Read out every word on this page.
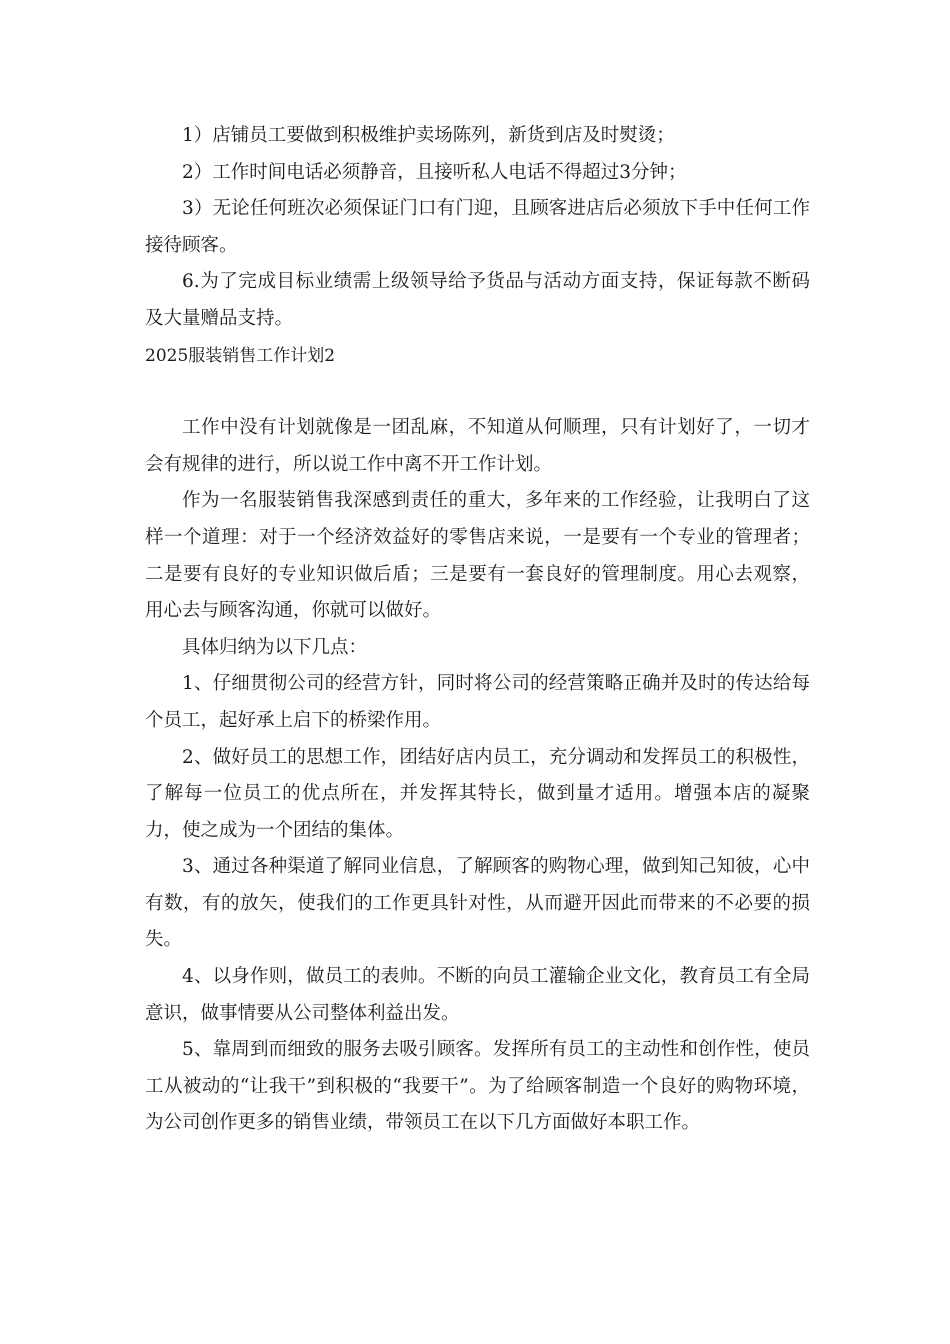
1）店铺员工要做到积极维护卖场陈列，新货到店及时熨烫；

2）工作时间电话必须静音，且接听私人电话不得超过3分钟；

3）无论任何班次必须保证门口有门迎，且顾客进店后必须放下手中任何工作接待顾客。

6.为了完成目标业绩需上级领导给予货品与活动方面支持，保证每款不断码及大量赠品支持。

2025服装销售工作计划2

工作中没有计划就像是一团乱麻，不知道从何顺理，只有计划好了，一切才会有规律的进行，所以说工作中离不开工作计划。

作为一名服装销售我深感到责任的重大，多年来的工作经验，让我明白了这样一个道理：对于一个经济效益好的零售店来说，一是要有一个专业的管理者；二是要有良好的专业知识做后盾；三是要有一套良好的管理制度。用心去观察，用心去与顾客沟通，你就可以做好。

具体归纳为以下几点：

1、仔细贯彻公司的经营方针，同时将公司的经营策略正确并及时的传达给每个员工，起好承上启下的桥梁作用。

2、做好员工的思想工作，团结好店内员工，充分调动和发挥员工的积极性，了解每一位员工的优点所在，并发挥其特长，做到量才适用。增强本店的凝聚力，使之成为一个团结的集体。

3、通过各种渠道了解同业信息，了解顾客的购物心理，做到知己知彼，心中有数，有的放矢，使我们的工作更具针对性，从而避开因此而带来的不必要的损失。

4、以身作则，做员工的表帅。不断的向员工灌输企业文化，教育员工有全局意识，做事情要从公司整体利益出发。

5、靠周到而细致的服务去吸引顾客。发挥所有员工的主动性和创作性，使员工从被动的“让我干”到积极的“我要干”。为了给顾客制造一个良好的购物环境，为公司创作更多的销售业绩，带领员工在以下几方面做好本职工作。
